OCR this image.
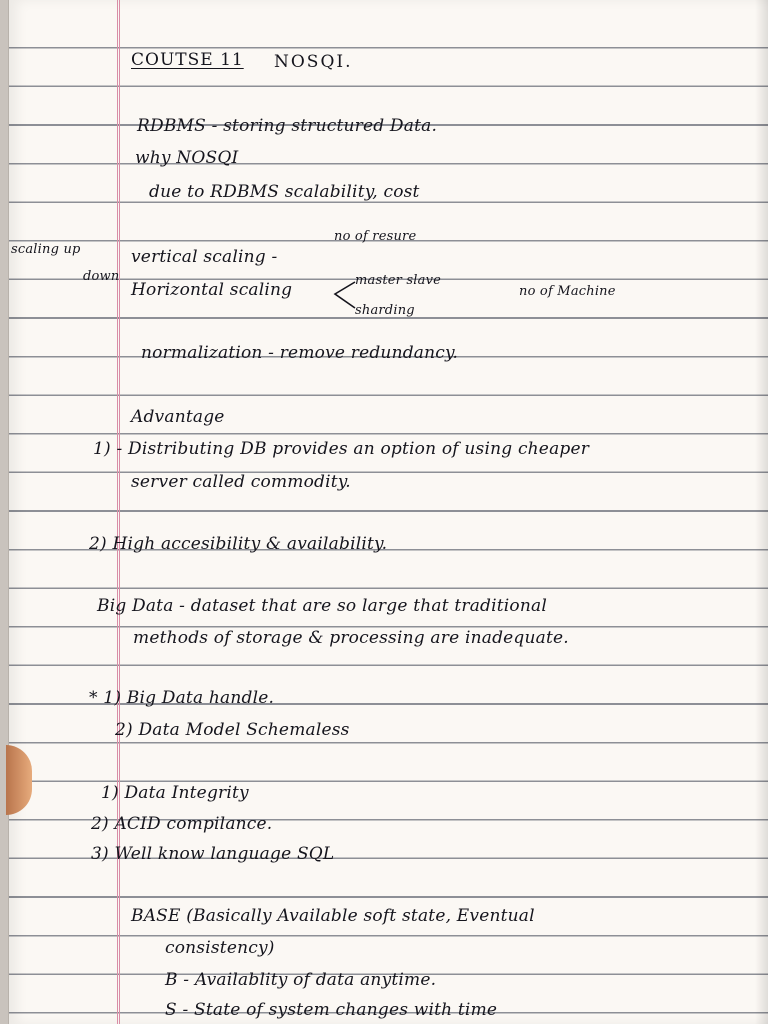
COUTSE 11 NOSQI.
RDBMS - storing structured Data.
why NOSQI
due to RDBMS scalability, cost
scaling up
no of resure
vertical scaling -
down
Horizontal scaling	master slave
no of Machine
sharding
normalization - remove redundancy.
Advantage
1) - Distributing DB provides an option of using cheaper
server called commodity.
2) High accesibility & availability.
Big Data - dataset that are so large that traditional
methods of storage & processing are inadequate.
* 1) Big Data handle.
2) Data Model Schemaless
1) Data Integrity
2) ACID compilance.
3) Well know language SQL
BASE (Basically Available soft state, Eventual
consistency)
B - Availablity of data anytime.
S - State of system changes with time
